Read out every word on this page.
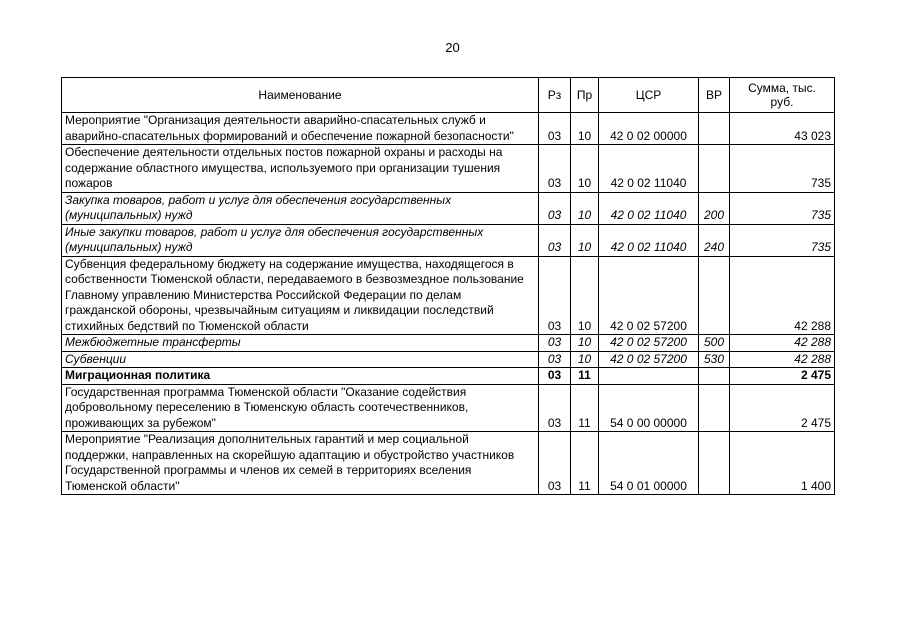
20
Наименование	Рз	Пр	ЦСР	ВР	Сумма, тыс. руб.
Мероприятие "Организация деятельности аварийно-спасательных служб и аварийно-спасательных формирований и обеспечение пожарной безопасности"	03	10	42 0 02 00000		43 023
Обеспечение деятельности отдельных постов пожарной охраны и расходы на содержание областного имущества, используемого при организации тушения пожаров	03	10	42 0 02 11040		735
Закупка товаров, работ и услуг для обеспечения государственных (муниципальных) нужд	03	10	42 0 02 11040	200	735
Иные закупки товаров, работ и услуг для обеспечения государственных (муниципальных) нужд	03	10	42 0 02 11040	240	735
Субвенция федеральному бюджету на содержание имущества, находящегося в собственности Тюменской области, передаваемого в безвозмездное пользование Главному управлению Министерства Российской Федерации по делам гражданской обороны, чрезвычайным ситуациям и ликвидации последствий стихийных бедствий по Тюменской области	03	10	42 0 02 57200		42 288
Межбюджетные трансферты	03	10	42 0 02 57200	500	42 288
Субвенции	03	10	42 0 02 57200	530	42 288
Миграционная политика	03	11			2 475
Государственная программа Тюменской области "Оказание содействия добровольному переселению в Тюменскую область соотечественников, проживающих за рубежом"	03	11	54 0 00 00000		2 475
Мероприятие "Реализация дополнительных гарантий и мер социальной поддержки, направленных на скорейшую адаптацию и обустройство участников Государственной программы и членов их семей в территориях вселения Тюменской области"	03	11	54 0 01 00000		1 400
